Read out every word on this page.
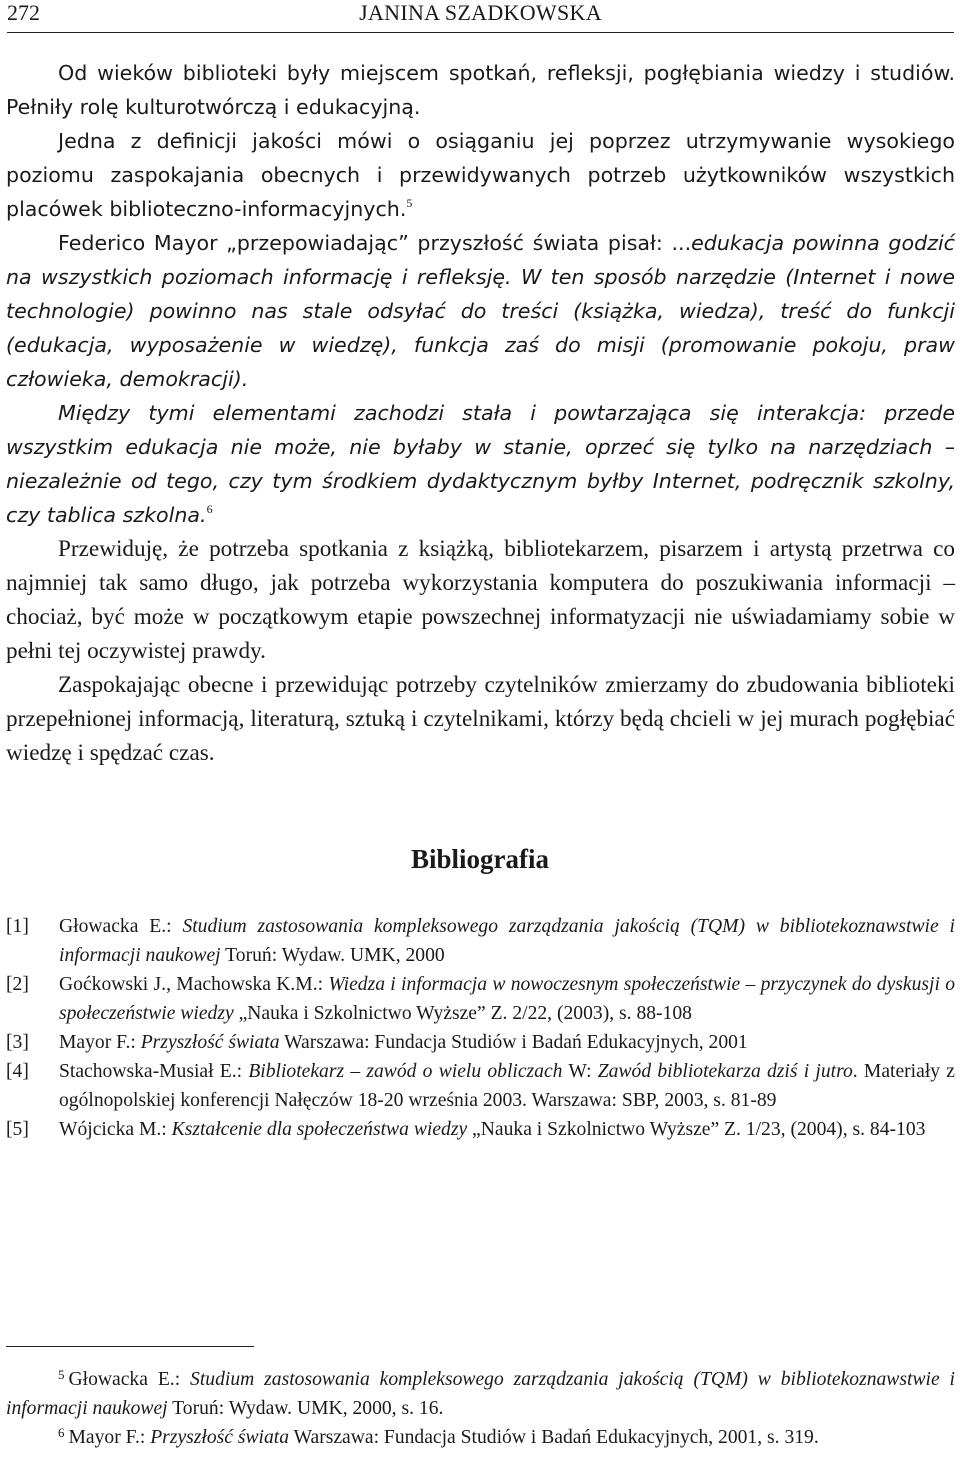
272	JANINA SZADKOWSKA

Od wieków biblioteki były miejscem spotkań, refleksji, pogłębiania wiedzy i studiów. Pełniły rolę kulturotwórczą i edukacyjną.

Jedna z definicji jakości mówi o osiąganiu jej poprzez utrzymywanie wysokiego poziomu zaspokajania obecnych i przewidywanych potrzeb użytkowników wszystkich placówek biblioteczno-informacyjnych.$^5$

Federico Mayor „przepowiadając” przyszłość świata pisał: ...edukacja powinna godzić na wszystkich poziomach informację i refleksję. W ten sposób narzędzie (Internet i nowe technologie) powinno nas stale odsyłać do treści (książka, wiedza), treść do funkcji (edukacja, wyposażenie w wiedzę), funkcja zaś do misji (promowanie pokoju, praw człowieka, demokracji).

Między tymi elementami zachodzi stała i powtarzająca się interakcja: przede wszystkim edukacja nie może, nie byłaby w stanie, oprzeć się tylko na narzędziach – niezależnie od tego, czy tym środkiem dydaktycznym byłby Internet, podręcznik szkolny, czy tablica szkolna.$^6$

Przewiduję, że potrzeba spotkania z książką, bibliotekarzem, pisarzem i artystą przetrwa co najmniej tak samo długo, jak potrzeba wykorzystania komputera do poszukiwania informacji – chociaż, być może w początkowym etapie powszechnej informatyzacji nie uświadamiamy sobie w pełni tej oczywistej prawdy.

Zaspokajając obecne i przewidując potrzeby czytelników zmierzamy do zbudowania biblioteki przepełnionej informacją, literaturą, sztuką i czytelnikami, którzy będą chcieli w jej murach pogłębiać wiedzę i spędzać czas.

Bibliografia
[1]	Głowacka E.: Studium zastosowania kompleksowego zarządzania jakością (TQM) w bibliotekoznawstwie i informacji naukowej Toruń: Wydaw. UMK, 2000
[2]	Gоćkowski J., Machowska K.M.: Wiedza i informacja w nowoczesnym społeczeństwie – przyczynek do dyskusji o społeczeństwie wiedzy „Nauka i Szkolnictwo Wyższe” Z. 2/22, (2003), s. 88-108
[3]	Mayor F.: Przyszłość świata Warszawa: Fundacja Studiów i Badań Edukacyjnych, 2001
[4]	Stachowska-Musiał E.: Bibliotekarz – zawód o wielu obliczach W: Zawód bibliotekarza dziś i jutro. Materiały z ogólnopolskiej konferencji Nałęczów 18-20 września 2003. Warszawa: SBP, 2003, s. 81-89
[5]	Wójcicka M.: Kształcenie dla społeczeństwa wiedzy „Nauka i Szkolnictwo Wyższe” Z. 1/23, (2004), s. 84-103

$^5$ Głowacka E.: Studium zastosowania kompleksowego zarządzania jakością (TQM) w bibliotekoznawstwie i informacji naukowej Toruń: Wydaw. UMK, 2000, s. 16.

$^6$ Mayor F.: Przyszłość świata Warszawa: Fundacja Studiów i Badań Edukacyjnych, 2001, s. 319.
